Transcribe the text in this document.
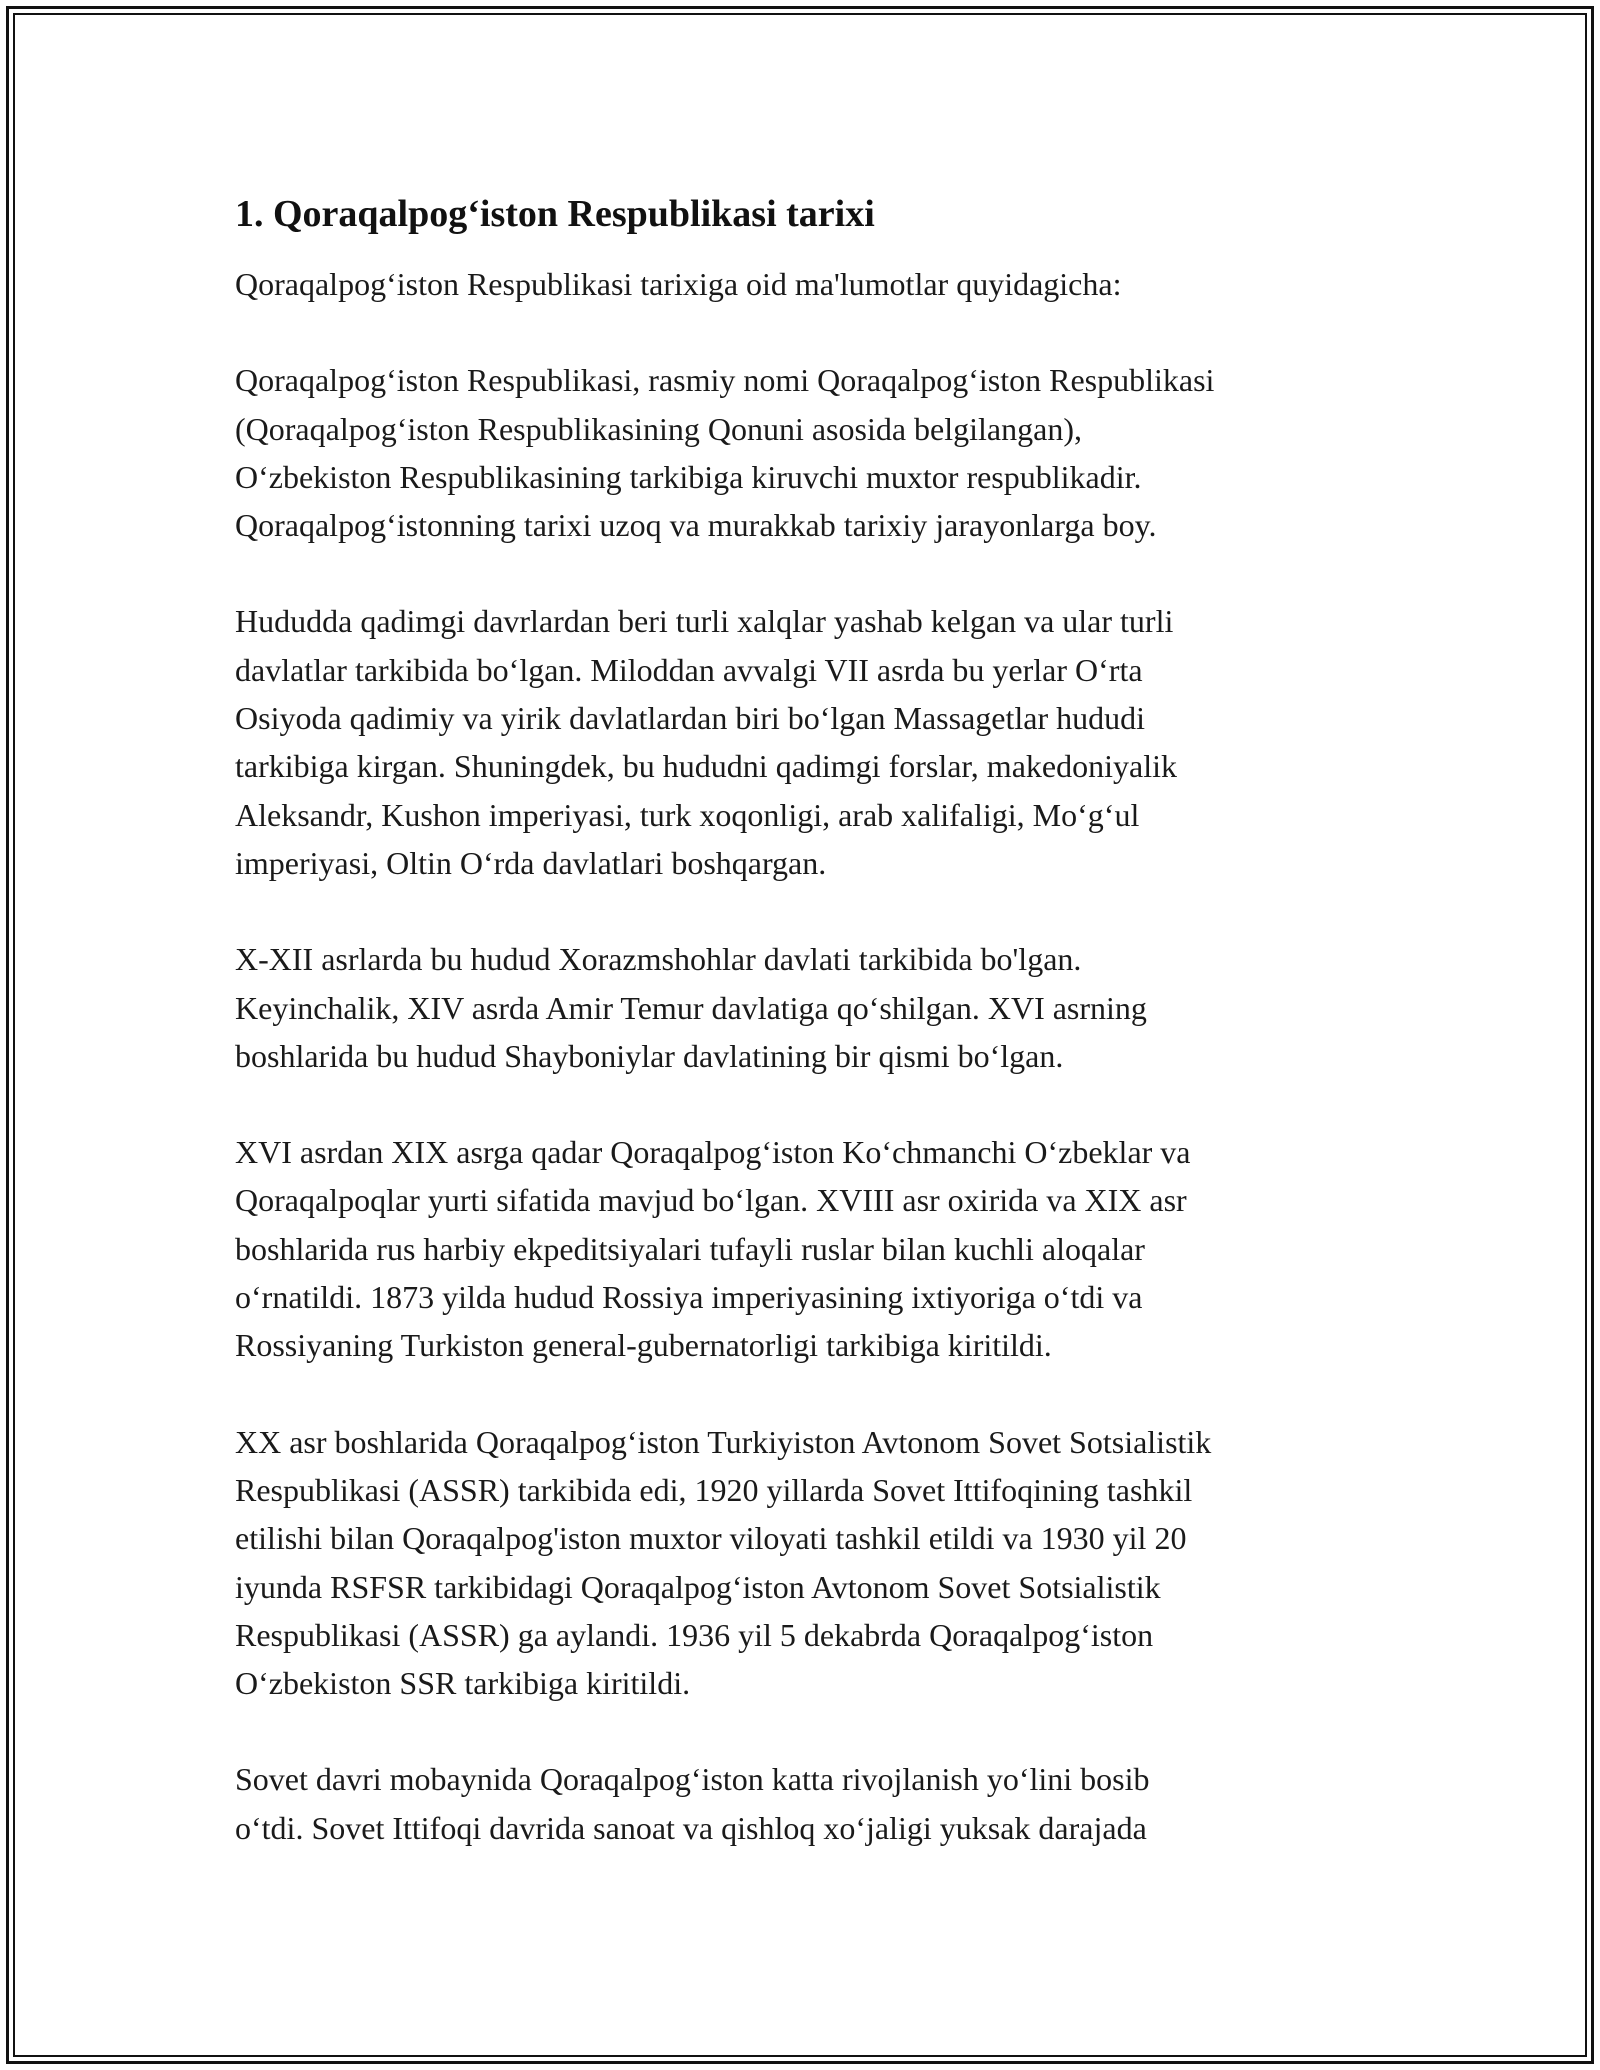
1. Qoraqalpog‘iston Respublikasi tarixi

Qoraqalpog‘iston Respublikasi tarixiga oid ma'lumotlar quyidagicha:

Qoraqalpog‘iston Respublikasi, rasmiy nomi Qoraqalpog‘iston Respublikasi
(Qoraqalpog‘iston Respublikasining Qonuni asosida belgilangan),
O‘zbekiston Respublikasining tarkibiga kiruvchi muxtor respublikadir.
Qoraqalpog‘istonning tarixi uzoq va murakkab tarixiy jarayonlarga boy.

Hududda qadimgi davrlardan beri turli xalqlar yashab kelgan va ular turli
davlatlar tarkibida bo‘lgan. Miloddan avvalgi VII asrda bu yerlar O‘rta
Osiyoda qadimiy va yirik davlatlardan biri bo‘lgan Massagetlar hududi
tarkibiga kirgan. Shuningdek, bu hududni qadimgi forslar, makedoniyalik
Aleksandr, Kushon imperiyasi, turk xoqonligi, arab xalifaligi, Mo‘g‘ul
imperiyasi, Oltin O‘rda davlatlari boshqargan.

X-XII asrlarda bu hudud Xorazmshohlar davlati tarkibida bo'lgan.
Keyinchalik, XIV asrda Amir Temur davlatiga qo‘shilgan. XVI asrning
boshlarida bu hudud Shayboniylar davlatining bir qismi bo‘lgan.

XVI asrdan XIX asrga qadar Qoraqalpog‘iston Ko‘chmanchi O‘zbeklar va
Qoraqalpoqlar yurti sifatida mavjud bo‘lgan. XVIII asr oxirida va XIX asr
boshlarida rus harbiy ekpeditsiyalari tufayli ruslar bilan kuchli aloqalar
o‘rnatildi. 1873 yilda hudud Rossiya imperiyasining ixtiyoriga o‘tdi va
Rossiyaning Turkiston general-gubernatorligi tarkibiga kiritildi.

XX asr boshlarida Qoraqalpog‘iston Turkiyiston Avtonom Sovet Sotsialistik
Respublikasi (ASSR) tarkibida edi, 1920 yillarda Sovet Ittifoqining tashkil
etilishi bilan Qoraqalpog'iston muxtor viloyati tashkil etildi va 1930 yil 20
iyunda RSFSR tarkibidagi Qoraqalpog‘iston Avtonom Sovet Sotsialistik
Respublikasi (ASSR) ga aylandi. 1936 yil 5 dekabrda Qoraqalpog‘iston
O‘zbekiston SSR tarkibiga kiritildi.

Sovet davri mobaynida Qoraqalpog‘iston katta rivojlanish yo‘lini bosib
o‘tdi. Sovet Ittifoqi davrida sanoat va qishloq xo‘jaligi yuksak darajada
